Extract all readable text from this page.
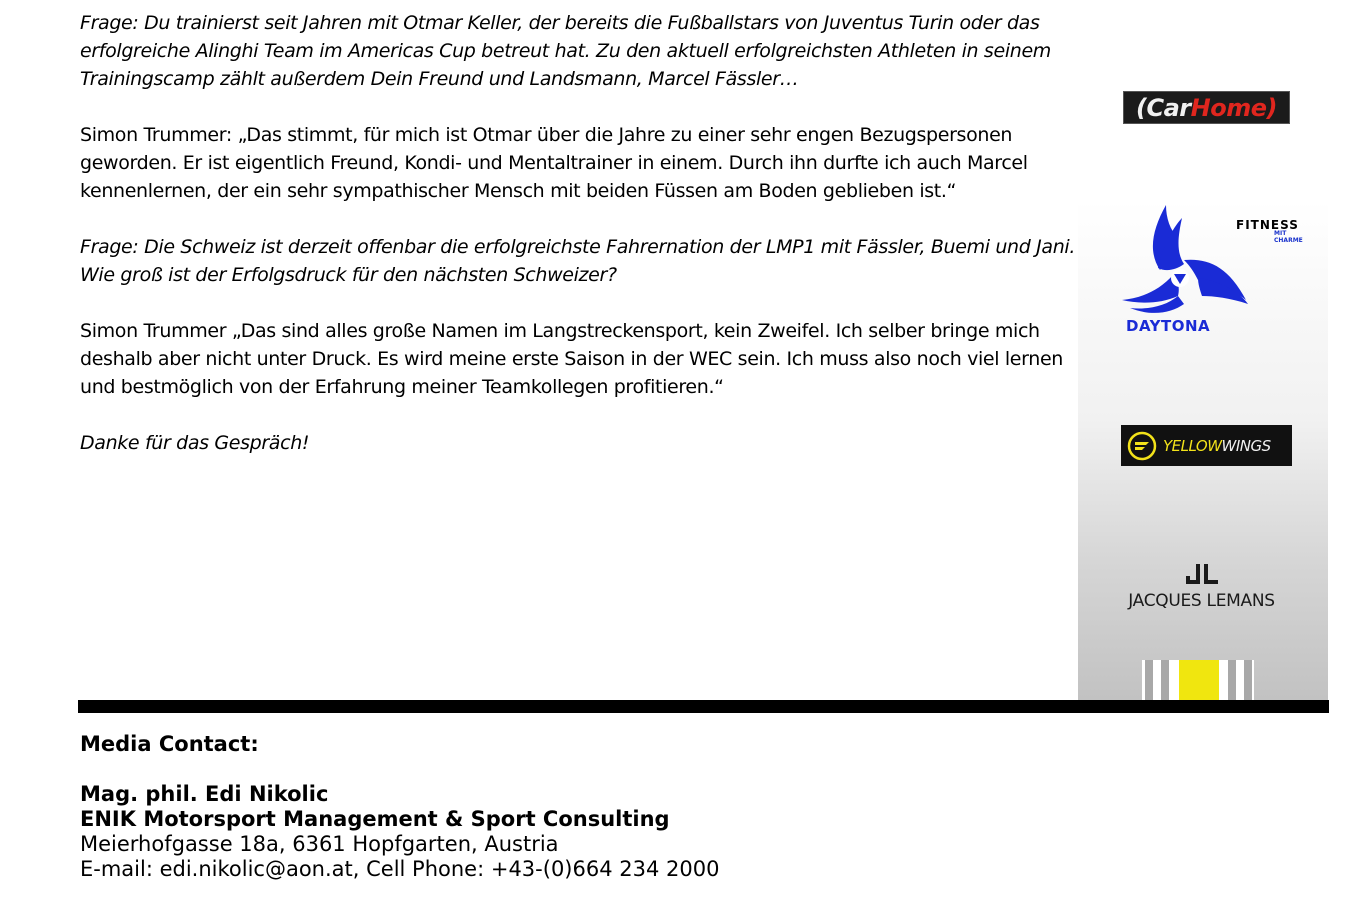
Frage: Du trainierst seit Jahren mit Otmar Keller, der bereits die Fußballstars von Juventus Turin oder das erfolgreiche Alinghi Team im Americas Cup betreut hat. Zu den aktuell erfolgreichsten Athleten in seinem Trainingscamp zählt außerdem Dein Freund und Landsmann, Marcel Fässler…

Simon Trummer: „Das stimmt, für mich ist Otmar über die Jahre zu einer sehr engen Bezugspersonen geworden. Er ist eigentlich Freund, Kondi- und Mentaltrainer in einem. Durch ihn durfte ich auch Marcel kennenlernen, der ein sehr sympathischer Mensch mit beiden Füssen am Boden geblieben ist.“

Frage: Die Schweiz ist derzeit offenbar die erfolgreichste Fahrernation der LMP1 mit Fässler, Buemi und Jani. Wie groß ist der Erfolgsdruck für den nächsten Schweizer?

Simon Trummer „Das sind alles große Namen im Langstreckensport, kein Zweifel. Ich selber bringe mich deshalb aber nicht unter Druck. Es wird meine erste Saison in der WEC sein. Ich muss also noch viel lernen und bestmöglich von der Erfahrung meiner Teamkollegen profitieren.“

Danke für das Gespräch!

(Car Home)
FITNESS
MIT CHARME
DAYTONA
YELLOWWINGS
JACQUES LEMANS
Media Contact:
Mag. phil. Edi Nikolic
ENIK Motorsport Management & Sport Consulting
Meierhofgasse 18a, 6361 Hopfgarten, Austria
E-mail: edi.nikolic@aon.at, Cell Phone: +43-(0)664 234 2000
